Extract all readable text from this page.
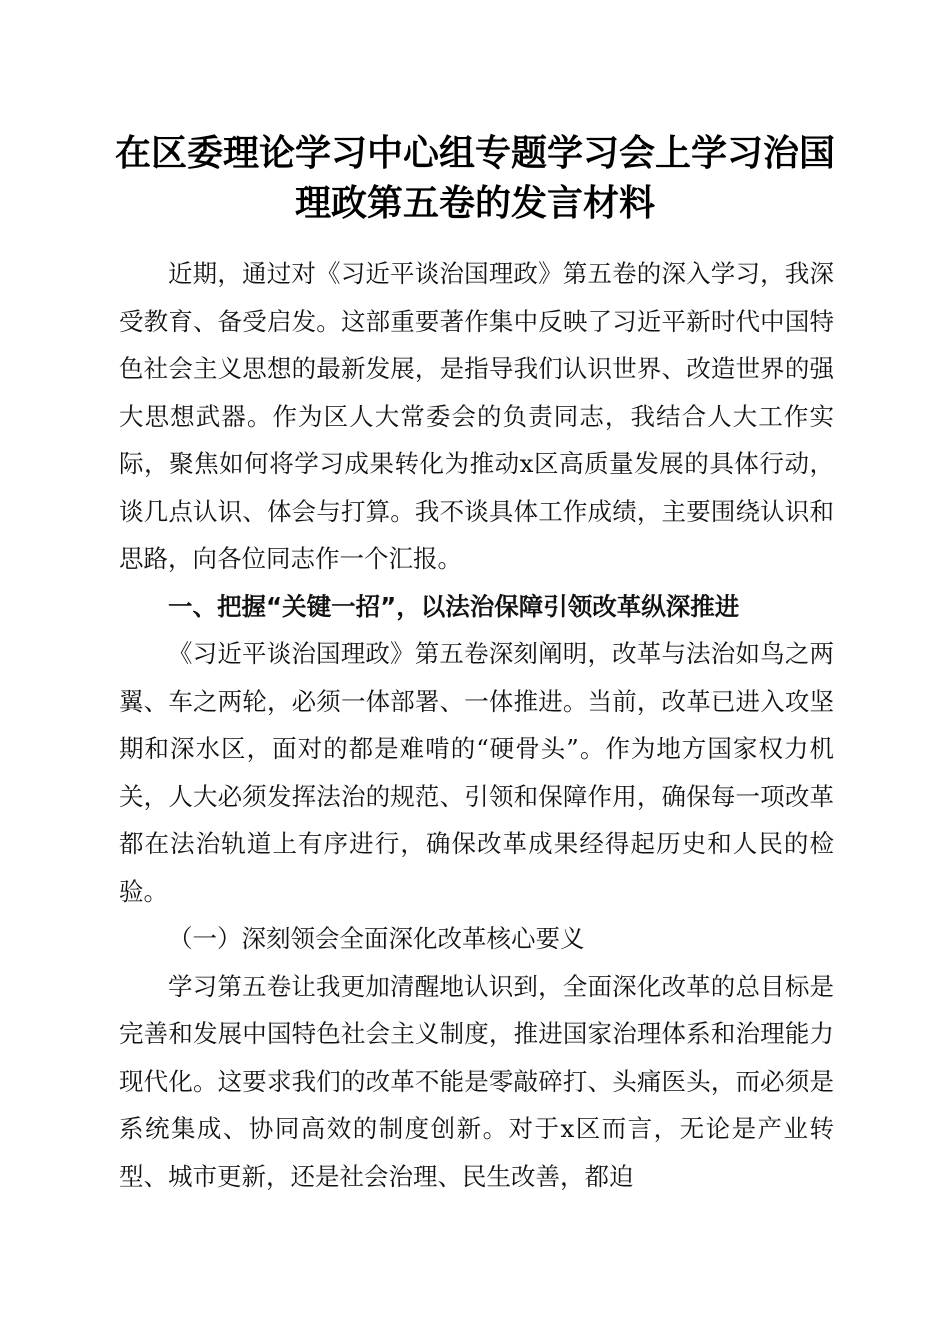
在区委理论学习中心组专题学习会上学习治国理政第五卷的发言材料

近期，通过对《习近平谈治国理政》第五卷的深入学习，我深受教育、备受启发。这部重要著作集中反映了习近平新时代中国特色社会主义思想的最新发展，是指导我们认识世界、改造世界的强大思想武器。作为区人大常委会的负责同志，我结合人大工作实际，聚焦如何将学习成果转化为推动x区高质量发展的具体行动，谈几点认识、体会与打算。我不谈具体工作成绩，主要围绕认识和思路，向各位同志作一个汇报。

一、把握“关键一招”，以法治保障引领改革纵深推进

《习近平谈治国理政》第五卷深刻阐明，改革与法治如鸟之两翼、车之两轮，必须一体部署、一体推进。当前，改革已进入攻坚期和深水区，面对的都是难啃的“硬骨头”。作为地方国家权力机关，人大必须发挥法治的规范、引领和保障作用，确保每一项改革都在法治轨道上有序进行，确保改革成果经得起历史和人民的检验。

（一）深刻领会全面深化改革核心要义

学习第五卷让我更加清醒地认识到，全面深化改革的总目标是完善和发展中国特色社会主义制度，推进国家治理体系和治理能力现代化。这要求我们的改革不能是零敲碎打、头痛医头，而必须是系统集成、协同高效的制度创新。对于x区而言，无论是产业转型、城市更新，还是社会治理、民生改善，都迫
